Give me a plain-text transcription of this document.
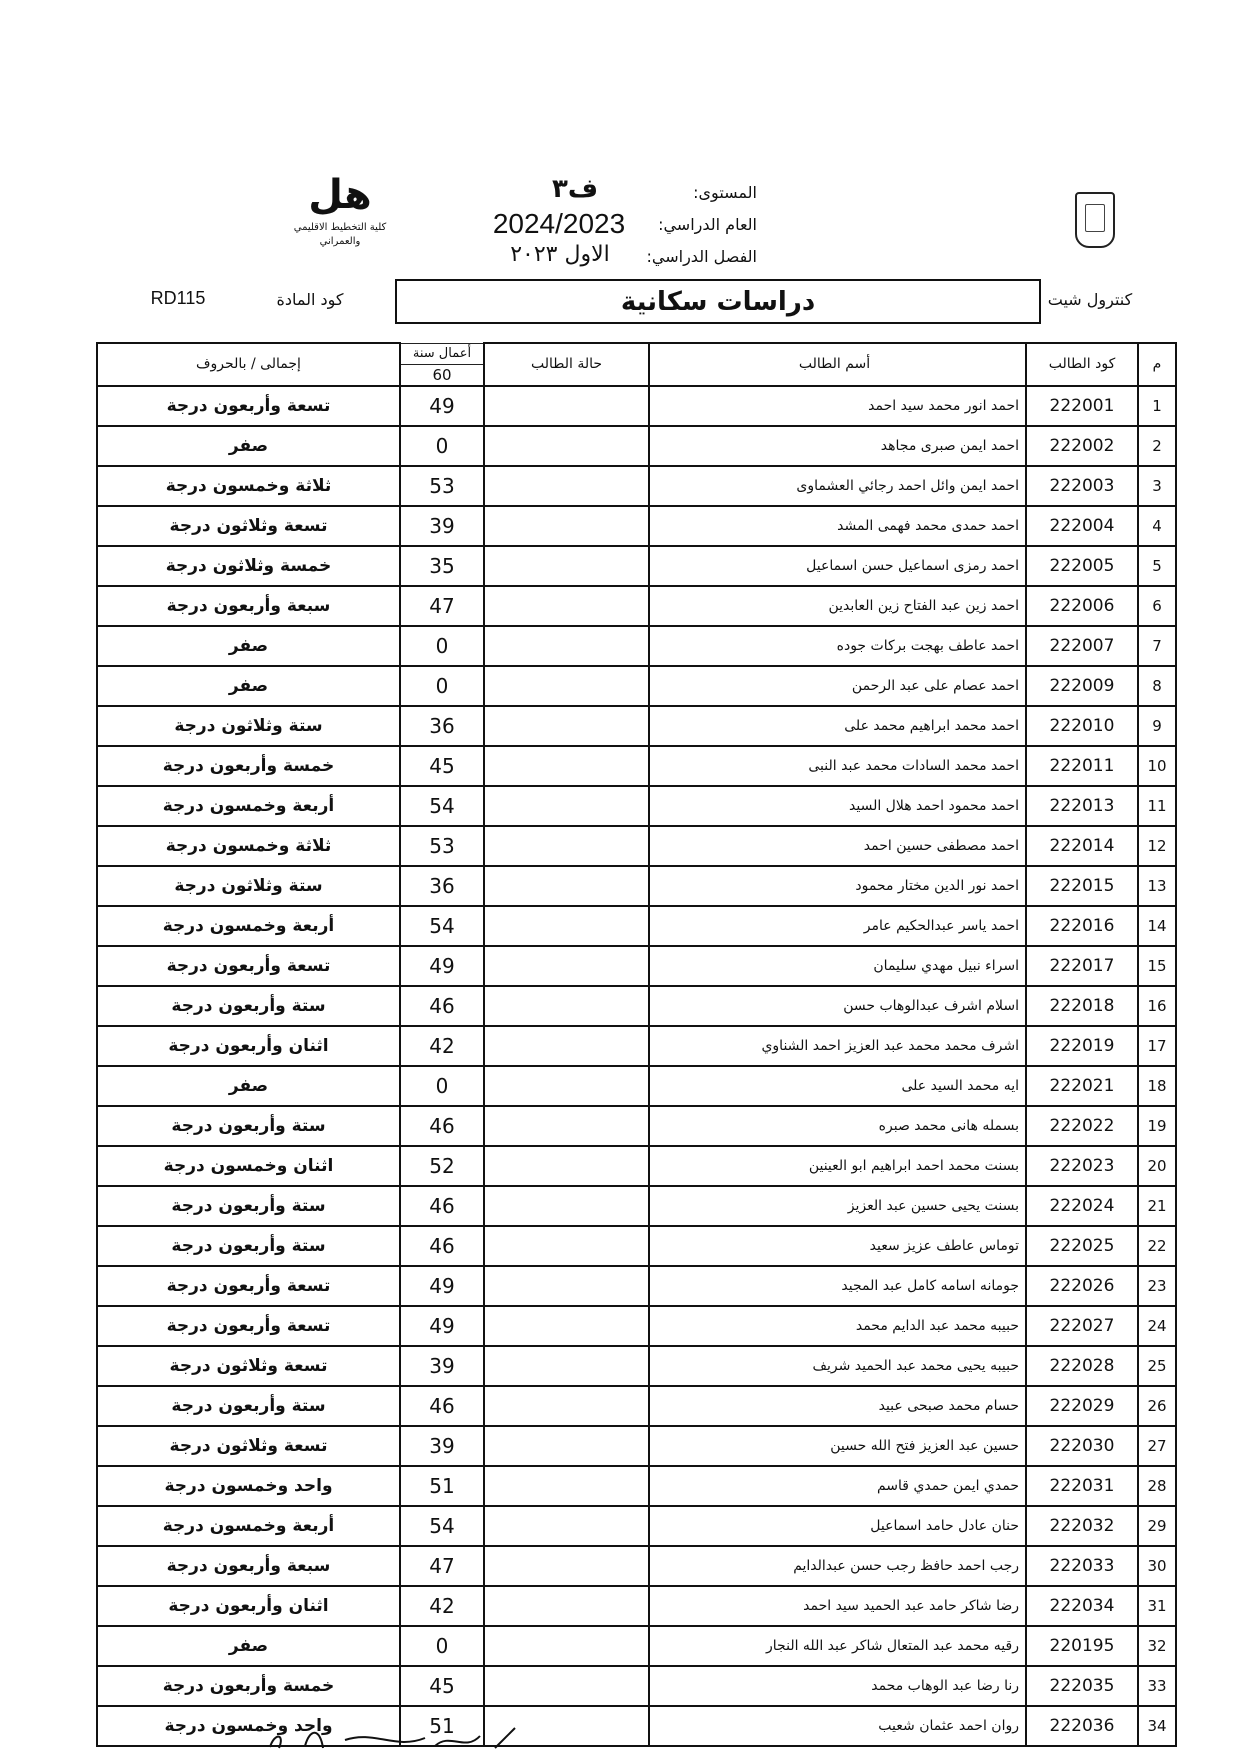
المستوى:
ف٣
العام الدراسي:
2024/2023
الفصل الدراسي:
الاول ٢٠٢٣
هل
كلية التخطيط الاقليمي
والعمراني
كنترول شيت
دراسات سكانية
كود المادة
RD115
م	كود الطالب	أسم الطالب	حالة الطالب	أعمال سنة	إجمالى / بالحروف
				60	
1	222001	احمد انور محمد سيد احمد		49	تسعة وأربعون درجة
2	222002	احمد ايمن صبرى مجاهد		0	صفر
3	222003	احمد ايمن وائل احمد رجائي العشماوى		53	ثلاثة وخمسون درجة
4	222004	احمد حمدى محمد فهمى المشد		39	تسعة وثلاثون درجة
5	222005	احمد رمزى اسماعيل حسن اسماعيل		35	خمسة وثلاثون درجة
6	222006	احمد زين عبد الفتاح زين العابدين		47	سبعة وأربعون درجة
7	222007	احمد عاطف بهجت بركات جوده		0	صفر
8	222009	احمد عصام على عبد الرحمن		0	صفر
9	222010	احمد محمد ابراهيم محمد على		36	ستة وثلاثون درجة
10	222011	احمد محمد السادات محمد عبد النبى		45	خمسة وأربعون درجة
11	222013	احمد محمود احمد هلال السيد		54	أربعة وخمسون درجة
12	222014	احمد مصطفى حسين احمد		53	ثلاثة وخمسون درجة
13	222015	احمد نور الدين مختار محمود		36	ستة وثلاثون درجة
14	222016	احمد ياسر عبدالحكيم عامر		54	أربعة وخمسون درجة
15	222017	اسراء نبيل مهدي سليمان		49	تسعة وأربعون درجة
16	222018	اسلام اشرف عبدالوهاب حسن		46	ستة وأربعون درجة
17	222019	اشرف محمد محمد عبد العزيز احمد الشناوي		42	اثنان وأربعون درجة
18	222021	ايه محمد السيد على		0	صفر
19	222022	بسمله هانى محمد صبره		46	ستة وأربعون درجة
20	222023	بسنت محمد احمد ابراهيم ابو العينين		52	اثنان وخمسون درجة
21	222024	بسنت يحيى حسين عبد العزيز		46	ستة وأربعون درجة
22	222025	توماس عاطف عزيز سعيد		46	ستة وأربعون درجة
23	222026	جومانه اسامه كامل عبد المجيد		49	تسعة وأربعون درجة
24	222027	حبيبه محمد عبد الدايم محمد		49	تسعة وأربعون درجة
25	222028	حبيبه يحيى محمد عبد الحميد شريف		39	تسعة وثلاثون درجة
26	222029	حسام محمد صبحى عبيد		46	ستة وأربعون درجة
27	222030	حسين عبد العزيز فتح الله حسين		39	تسعة وثلاثون درجة
28	222031	حمدي ايمن حمدي قاسم		51	واحد وخمسون درجة
29	222032	حنان عادل حامد اسماعيل		54	أربعة وخمسون درجة
30	222033	رجب احمد حافظ رجب حسن عبدالدايم		47	سبعة وأربعون درجة
31	222034	رضا شاكر حامد عبد الحميد سيد احمد		42	اثنان وأربعون درجة
32	220195	رقيه محمد عبد المتعال شاكر عبد الله النجار		0	صفر
33	222035	رنا رضا عبد الوهاب محمد		45	خمسة وأربعون درجة
34	222036	روان احمد عثمان شعيب		51	واحد وخمسون درجة
